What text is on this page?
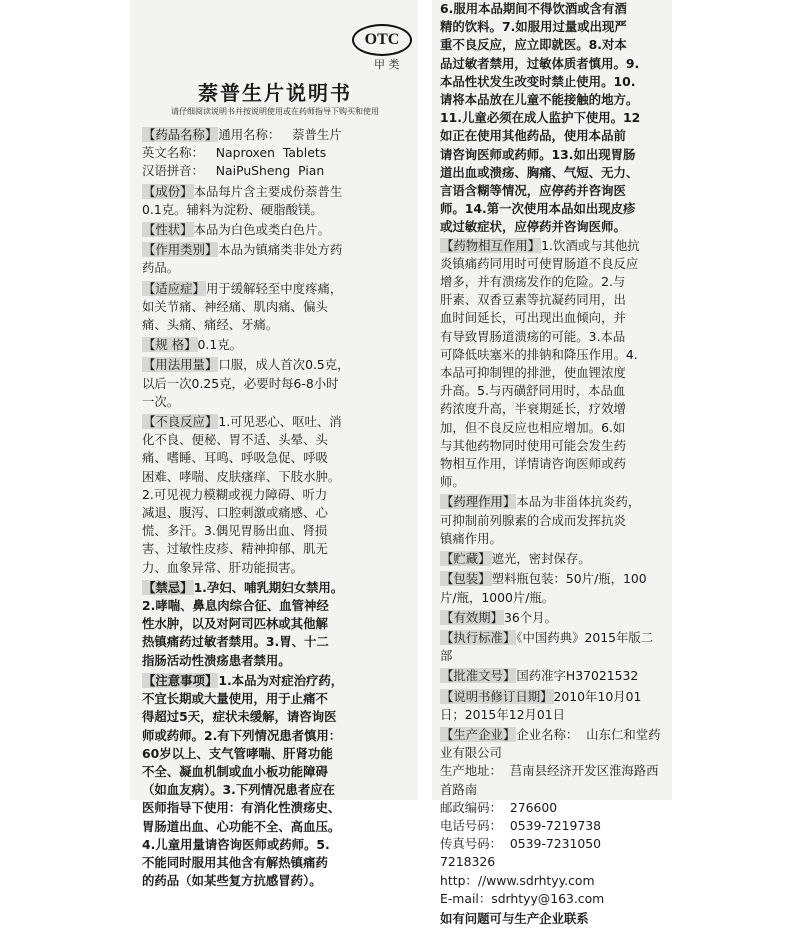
OTC
甲 类
萘普生片说明书
请仔细阅读说明书并按说明使用或在药师指导下购买和使用
【药品名称】通用名称：   萘普生片
英文名称：   Naproxen  Tablets
汉语拼音：   NaiPuSheng  Pian
【成份】本品每片含主要成份萘普生
0.1克。辅料为淀粉、硬脂酸镁。
【性状】本品为白色或类白色片。
【作用类别】本品为镇痛类非处方药
药品。
【适应症】用于缓解轻至中度疼痛，
如关节痛、神经痛、肌肉痛、偏头
痛、头痛、痛经、牙痛。
【规 格】0.1克。
【用法用量】口服，成人首次0.5克，
以后一次0.25克，必要时每6-8小时
一次。
【不良反应】1.可见恶心、呕吐、消
化不良、便秘、胃不适、头晕、头
痛、嗜睡、耳鸣、呼吸急促、呼吸
困难、哮喘、皮肤瘙痒、下肢水肿。
2.可见视力模糊或视力障碍、听力
减退、腹泻、口腔刺激或痛感、心
慌、多汗。3.偶见胃肠出血、肾损
害、过敏性皮疹、精神抑郁、肌无
力、血象异常、肝功能损害。
【禁忌】1.孕妇、哺乳期妇女禁用。
2.哮喘、鼻息肉综合征、血管神经
性水肿，以及对阿司匹林或其他解
热镇痛药过敏者禁用。3.胃、十二
指肠活动性溃疡患者禁用。
【注意事项】1.本品为对症治疗药，
不宜长期或大量使用，用于止痛不
得超过5天，症状未缓解，请咨询医
师或药师。2.有下列情况患者慎用：
60岁以上、支气管哮喘、肝肾功能
不全、凝血机制或血小板功能障碍
（如血友病）。3.下列情况患者应在
医师指导下使用：有消化性溃疡史、
胃肠道出血、心功能不全、高血压。
4.儿童用量请咨询医师或药师。5.
不能同时服用其他含有解热镇痛药
的药品（如某些复方抗感冒药）。
6.服用本品期间不得饮酒或含有酒
精的饮料。7.如服用过量或出现严
重不良反应，应立即就医。8.对本
品过敏者禁用，过敏体质者慎用。9.
本品性状发生改变时禁止使用。10.
请将本品放在儿童不能接触的地方。
11.儿童必须在成人监护下使用。12
如正在使用其他药品，使用本品前
请咨询医师或药师。13.如出现胃肠
道出血或溃疡、胸痛、气短、无力、
言语含糊等情况，应停药并咨询医
师。14.第一次使用本品如出现皮疹
或过敏症状，应停药并咨询医师。
【药物相互作用】1.饮酒或与其他抗
炎镇痛药同用时可使胃肠道不良反应
增多，并有溃疡发作的危险。2.与
肝素、双香豆素等抗凝药同用，出
血时间延长，可出现出血倾向，并
有导致胃肠道溃疡的可能。3.本品
可降低呋塞米的排钠和降压作用。4.
本品可抑制锂的排泄，使血锂浓度
升高。5.与丙磺舒同用时，本品血
药浓度升高，半衰期延长，疗效增
加，但不良反应也相应增加。6.如
与其他药物同时使用可能会发生药
物相互作用，详情请咨询医师或药
师。
【药理作用】本品为非甾体抗炎药，
可抑制前列腺素的合成而发挥抗炎
镇痛作用。
【贮藏】遮光，密封保存。
【包装】塑料瓶包装：50片/瓶，100
片/瓶，1000片/瓶。
【有效期】36个月。
【执行标准】《中国药典》2015年版二部
【批准文号】国药准字H37021532
【说明书修订日期】2010年10月01日；2015年12月01日
【生产企业】企业名称：  山东仁和堂药业有限公司
生产地址：  莒南县经济开发区淮海路西首路南
邮政编码：  276600
电话号码：  0539-7219738
传真号码：  0539-7231050  7218326
http：//www.sdrhtyy.com
E-mail：sdrhtyy@163.com
如有问题可与生产企业联系
